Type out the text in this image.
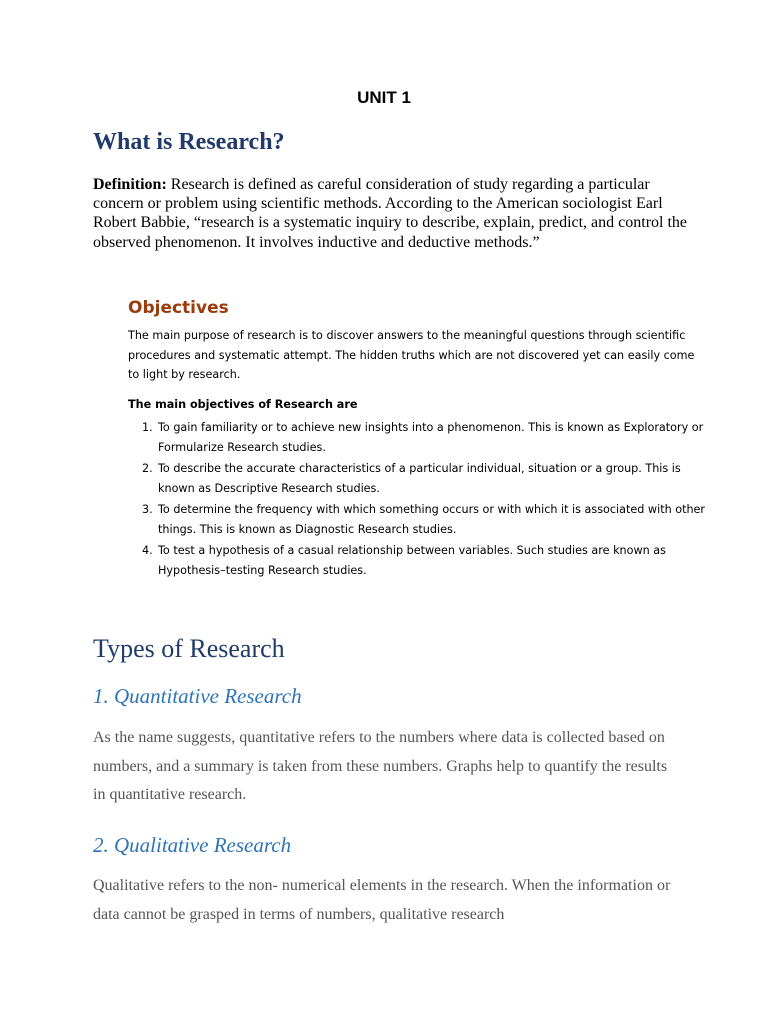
UNIT 1
What is Research?

Definition: Research is defined as careful consideration of study regarding a particular concern or problem using scientific methods. According to the American sociologist Earl Robert Babbie, “research is a systematic inquiry to describe, explain, predict, and control the observed phenomenon. It involves inductive and deductive methods.”

Objectives

The main purpose of research is to discover answers to the meaningful questions through scientific procedures and systematic attempt. The hidden truths which are not discovered yet can easily come to light by research.

The main objectives of Research are

1. To gain familiarity or to achieve new insights into a phenomenon. This is known as Exploratory or Formularize Research studies.
2. To describe the accurate characteristics of a particular individual, situation or a group. This is known as Descriptive Research studies.
3. To determine the frequency with which something occurs or with which it is associated with other things. This is known as Diagnostic Research studies.
4. To test a hypothesis of a casual relationship between variables. Such studies are known as Hypothesis–testing Research studies.
Types of Research
1. Quantitative Research

As the name suggests, quantitative refers to the numbers where data is collected based on numbers, and a summary is taken from these numbers. Graphs help to quantify the results in quantitative research.

2. Qualitative Research

Qualitative refers to the non- numerical elements in the research. When the information or data cannot be grasped in terms of numbers, qualitative research
